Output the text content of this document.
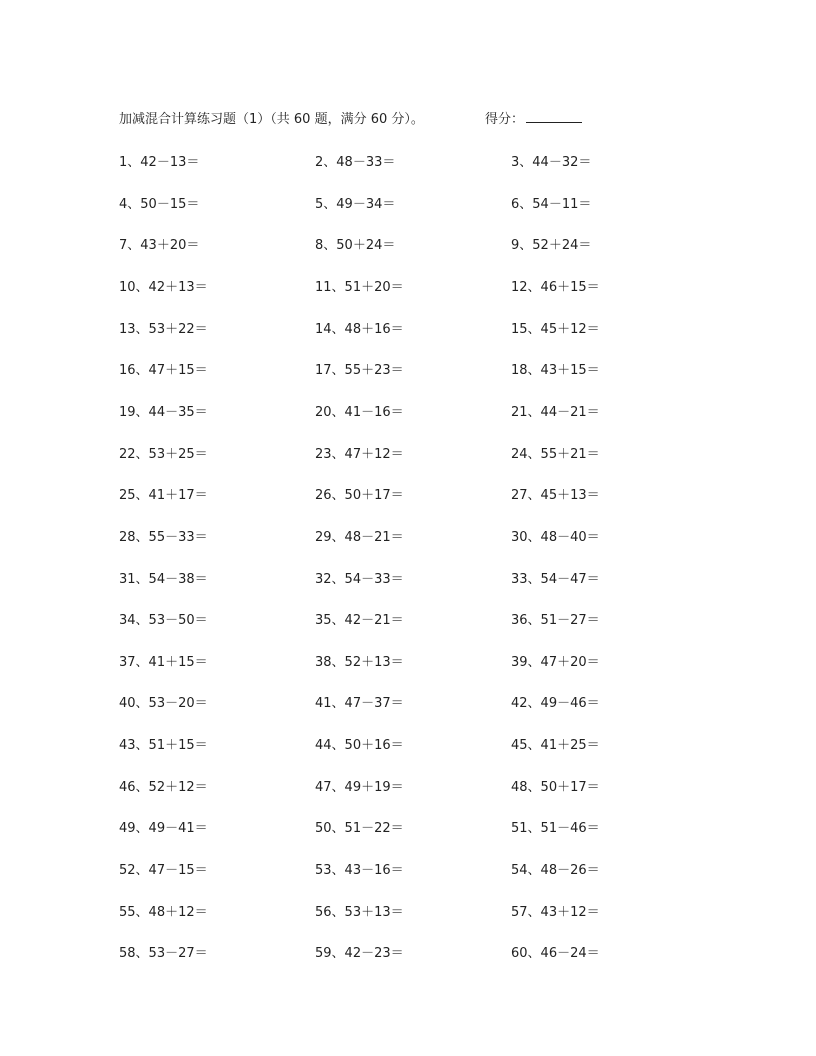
加减混合计算练习题（1）（共 60 题，满分 60 分）。	得分：
1、42－13＝	2、48－33＝	3、44－32＝
4、50－15＝	5、49－34＝	6、54－11＝
7、43＋20＝	8、50＋24＝	9、52＋24＝
10、42＋13＝	11、51＋20＝	12、46＋15＝
13、53＋22＝	14、48＋16＝	15、45＋12＝
16、47＋15＝	17、55＋23＝	18、43＋15＝
19、44－35＝	20、41－16＝	21、44－21＝
22、53＋25＝	23、47＋12＝	24、55＋21＝
25、41＋17＝	26、50＋17＝	27、45＋13＝
28、55－33＝	29、48－21＝	30、48－40＝
31、54－38＝	32、54－33＝	33、54－47＝
34、53－50＝	35、42－21＝	36、51－27＝
37、41＋15＝	38、52＋13＝	39、47＋20＝
40、53－20＝	41、47－37＝	42、49－46＝
43、51＋15＝	44、50＋16＝	45、41＋25＝
46、52＋12＝	47、49＋19＝	48、50＋17＝
49、49－41＝	50、51－22＝	51、51－46＝
52、47－15＝	53、43－16＝	54、48－26＝
55、48＋12＝	56、53＋13＝	57、43＋12＝
58、53－27＝	59、42－23＝	60、46－24＝
